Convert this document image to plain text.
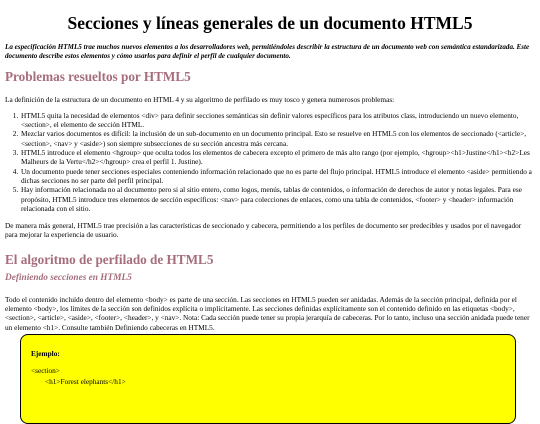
Secciones y líneas generales de un documento HTML5

La especificación HTML5 trae muchos nuevos elementos a los desarrolladores web, permitiéndoles describir la estructura de un documento web con semántica estandarizada. Este documento describe estos elementos y cómo usarlos para definir el perfil de cualquier documento.

Problemas resueltos por HTML5

La definición de la estructura de un documento en HTML 4 y su algoritmo de perfilado es muy tosco y genera numerosos problemas:

1. HTML5 quita la necesidad de elementos <div> para definir secciones semánticas sin definir valores específicos para los atributos class, introduciendo un nuevo elemento, <section>, el elemento de sección HTML.
2. Mezclar varios documentos es difícil: la inclusión de un sub-documento en un documento principal. Esto se resuelve en HTML5 con los elementos de seccionado (<article>, <section>, <nav> y <aside>) son siempre subsecciones de su sección ancestra más cercana.
3. HTML5 introduce el elemento <hgroup> que oculta todos los elementos de cabecera excepto el primero de más alto rango (por ejemplo, <hgroup><h1>Justine</h1><h2>Les Malheurs de la Vertu</h2></hgroup> crea el perfil 1. Justine).
4. Un documento puede tener secciones especiales conteniendo información relacionado que no es parte del flujo principal. HTML5 introduce el elemento <aside> permitiendo a dichas secciones no ser parte del perfil principal.
5. Hay información relacionada no al documento pero si al sitio entero, como logos, menús, tablas de contenidos, o información de derechos de autor y notas legales. Para ese propósito, HTML5 introduce tres elementos de sección específicos: <nav> para colecciones de enlaces, como una tabla de contenidos, <footer> y <header> información relacionada con el sitio.

De manera más general, HTML5 trae precisión a las características de seccionado y cabecera, permitiendo a los perfiles de documento ser predecibles y usados por el navegador para mejorar la experiencia de usuario.

El algoritmo de perfilado de HTML5
Definiendo secciones en HTML5

Todo el contenido incluído dentro del elemento <body> es parte de una sección. Las secciones en HTML5 pueden ser anidadas. Además de la sección principal, definida por el elemento <body>, los límites de la sección son definidos explícita o implícitamente. Las secciones definidas explícitamente son el contenido definido en las etiquetas <body>, <section>, <article>, <aside>, <footer>, <header>, y <nav>. Nota: Cada sección puede tener su propia jerarquía de cabeceras. Por lo tanto, incluso una sección anidada puede tener un elemento <h1>. Consulte también Definiendo cabeceras en HTML5.

Ejemplo:
<section>
<h1>Forest elephants</h1>
